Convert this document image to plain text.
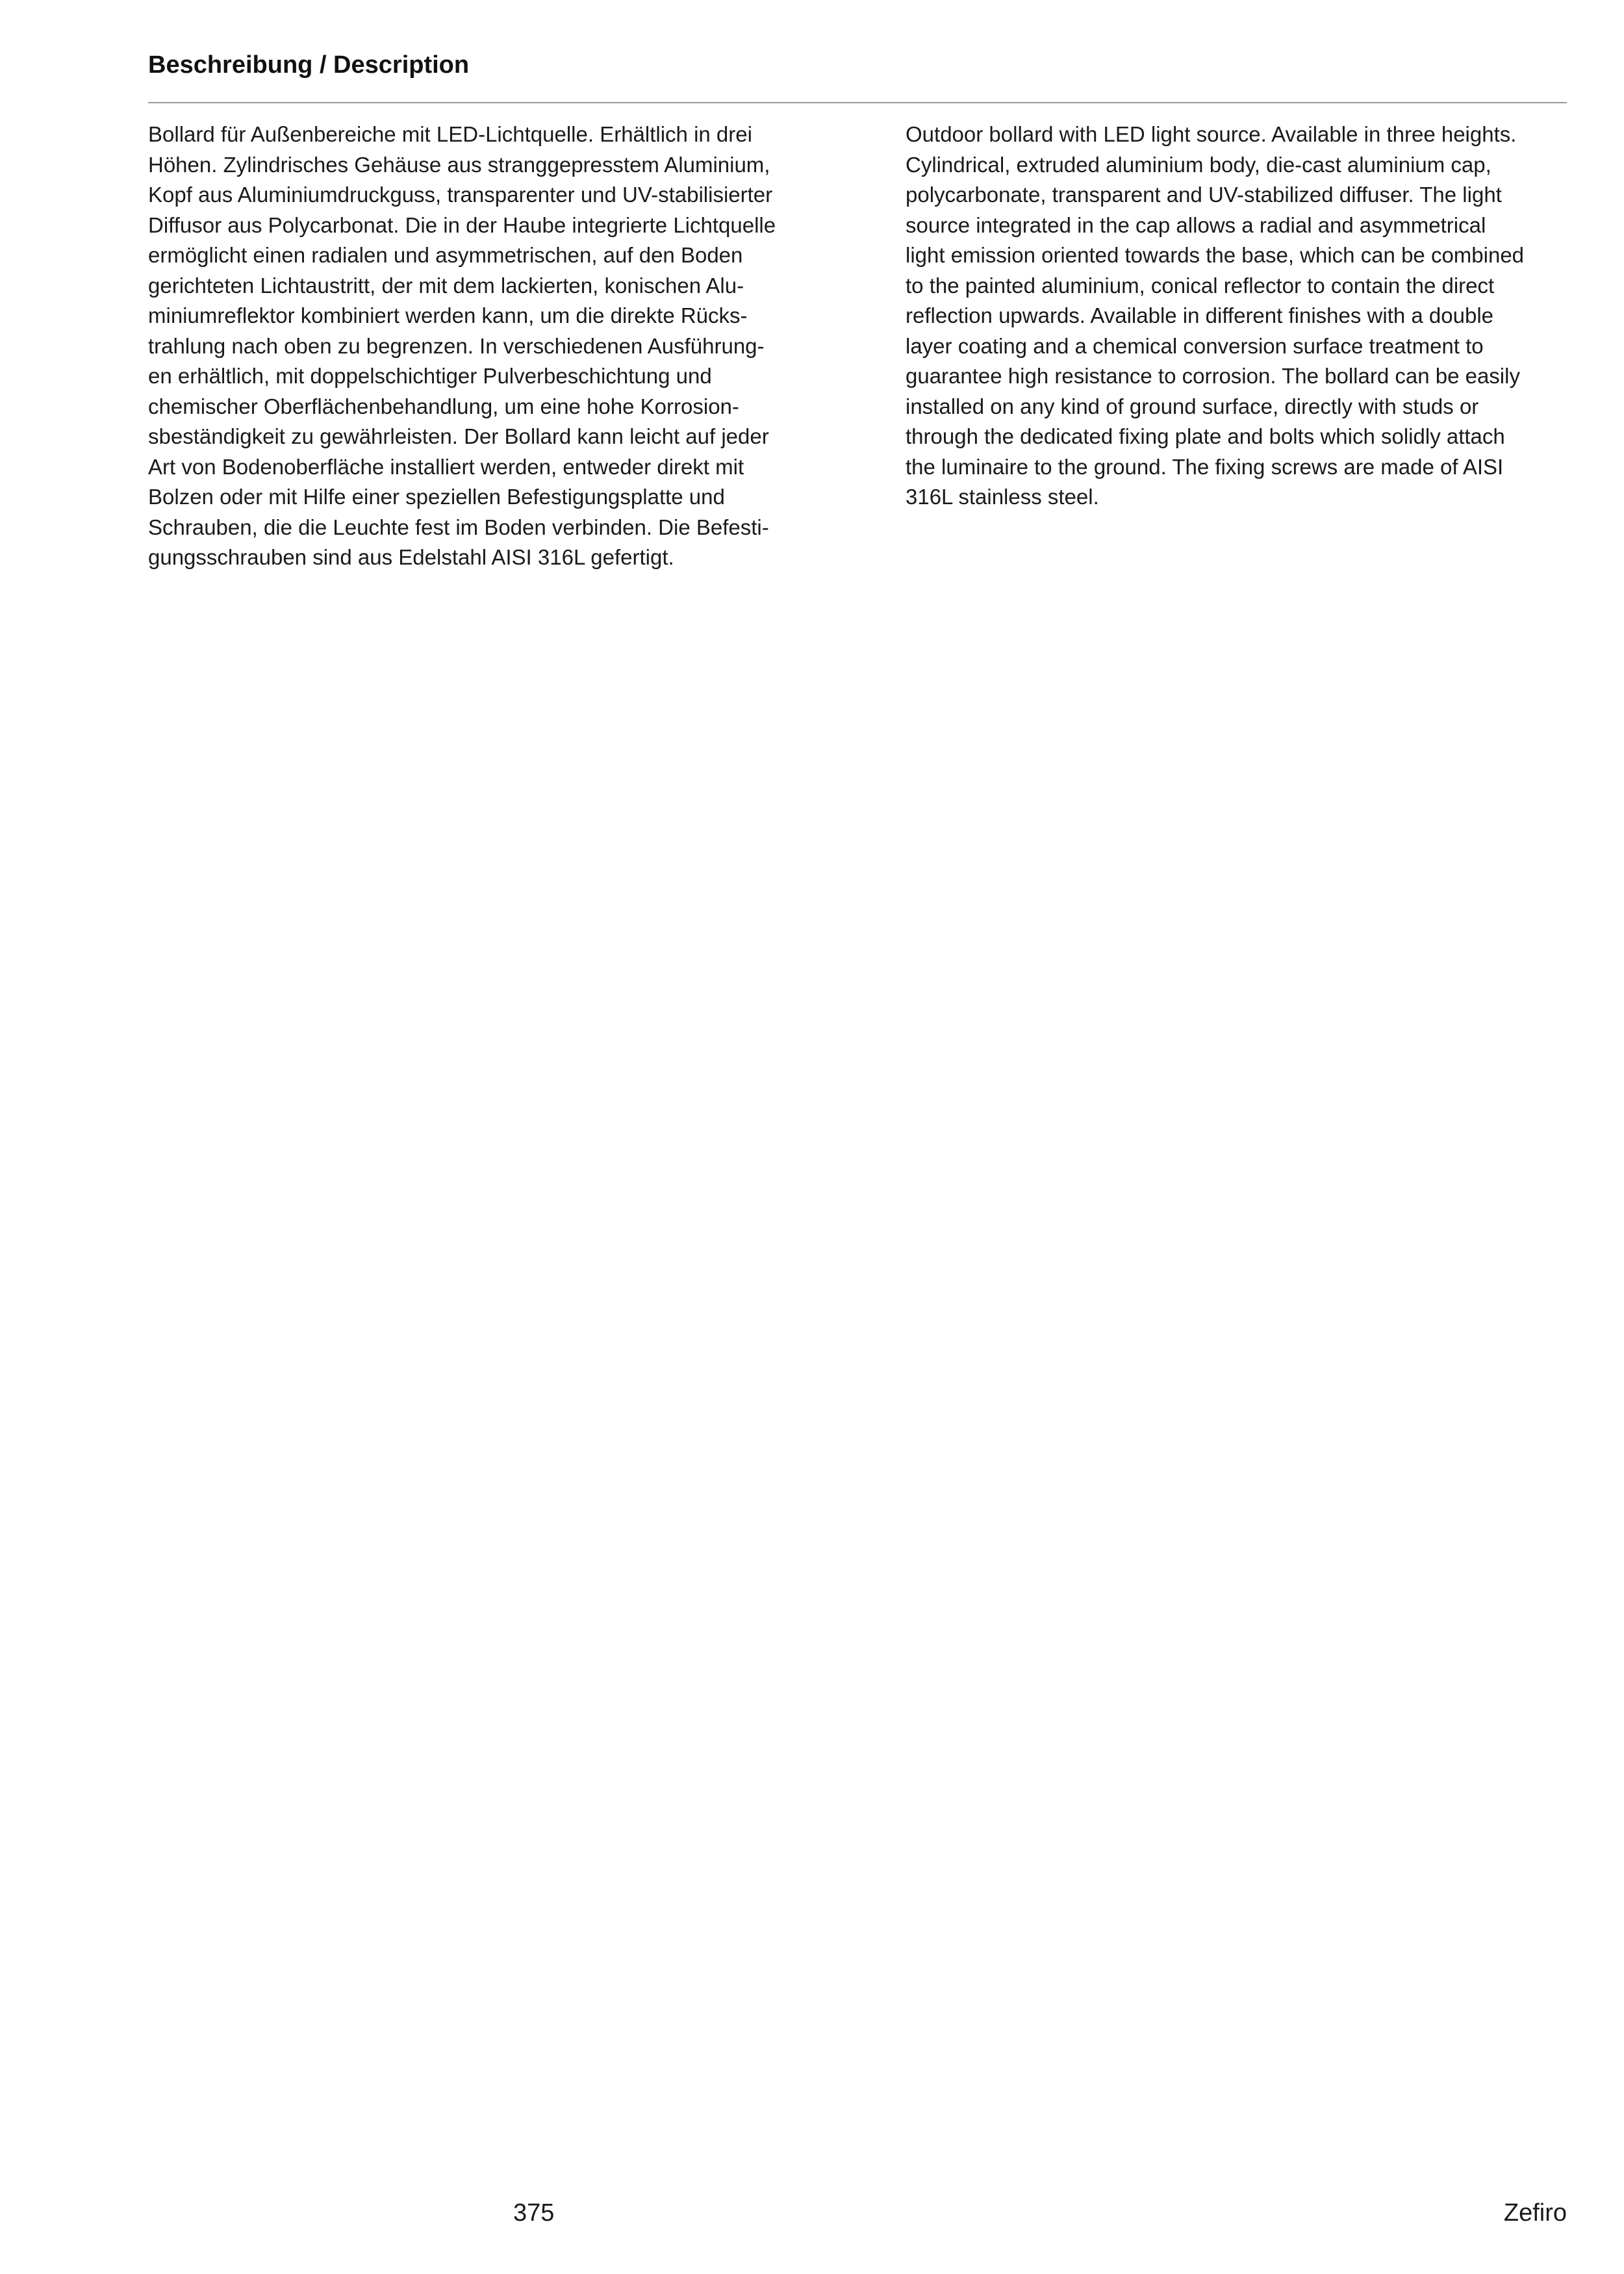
Beschreibung / Description
Bollard für Außenbereiche mit LED-Lichtquelle. Erhältlich in drei
Höhen. Zylindrisches Gehäuse aus stranggepresstem Aluminium,
Kopf aus Aluminiumdruckguss, transparenter und UV-stabilisierter
Diffusor aus Polycarbonat. Die in der Haube integrierte Lichtquelle
ermöglicht einen radialen und asymmetrischen, auf den Boden
gerichteten Lichtaustritt, der mit dem lackierten, konischen Alu-
miniumreflektor kombiniert werden kann, um die direkte Rücks-
trahlung nach oben zu begrenzen. In verschiedenen Ausführung-
en erhältlich, mit doppelschichtiger Pulverbeschichtung und
chemischer Oberflächenbehandlung, um eine hohe Korrosion-
sbeständigkeit zu gewährleisten. Der Bollard kann leicht auf jeder
Art von Bodenoberfläche installiert werden, entweder direkt mit
Bolzen oder mit Hilfe einer speziellen Befestigungsplatte und
Schrauben, die die Leuchte fest im Boden verbinden. Die Befesti-
gungsschrauben sind aus Edelstahl AISI 316L gefertigt.
Outdoor bollard with LED light source. Available in three heights.
Cylindrical, extruded aluminium body, die-cast aluminium cap,
polycarbonate, transparent and UV-stabilized diffuser. The light
source integrated in the cap allows a radial and asymmetrical
light emission oriented towards the base, which can be combined
to the painted aluminium, conical reflector to contain the direct
reflection upwards. Available in different finishes with a double
layer coating and a chemical conversion surface treatment to
guarantee high resistance to corrosion. The bollard can be easily
installed on any kind of ground surface, directly with studs or
through the dedicated fixing plate and bolts which solidly attach
the luminaire to the ground. The fixing screws are made of AISI
316L stainless steel.
375	Zefiro
